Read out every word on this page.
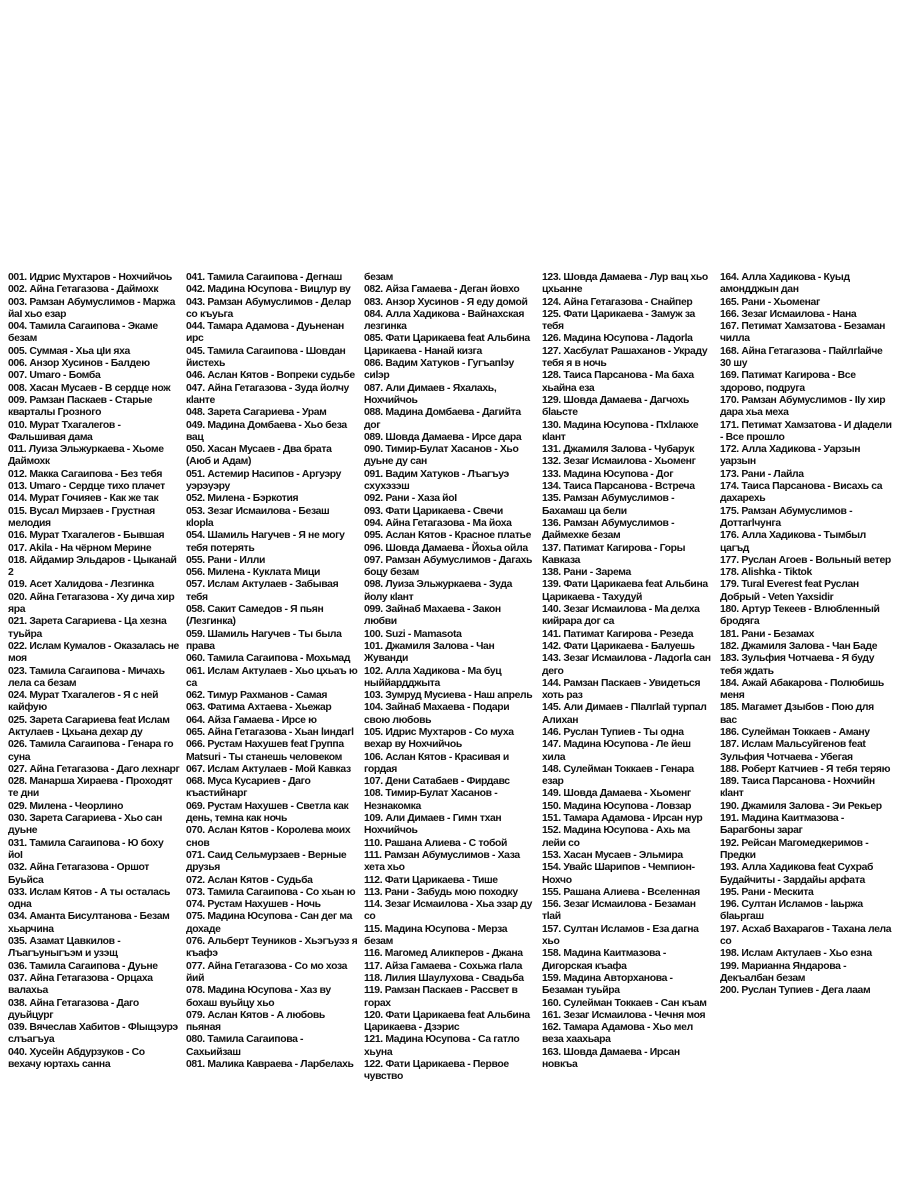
001. Идрис Мухтаров - Нохчийчоь
002. Айна Гетагазова - Даймохк
003. Рамзан Абумуслимов - Маржа йаI хьо езар
004. Тамила Сагаипова - Экаме безам
005. Суммая - Хьа цIи яха
006. Анзор Хусинов - Балдею
007. Umaro - Бомба
008. Хасан Мусаев - В сердце нож
009. Рамзан Паскаев - Старые кварталы Грозного
010. Мурат Тхагалегов - Фальшивая дама
011. Луиза Эльжуркаева - Хьоме Даймохк
012. Макка Сагаипова - Без тебя
013. Umaro - Сердце тихо плачет
014. Мурат Гочияев - Как же так
015. Вусал Мирзаев - Грустная мелодия
016. Мурат Тхагалегов - Бывшая
017. Akila - На чёрном Мерине
018. Айдамир Эльдаров - Цыканай 2
019. Асет Халидова - Лезгинка
020. Айна Гетагазова - Ху дича хир яра
021. Зарета Сагариева - Ца хезна туьйра
022. Ислам Кумалов - Оказалась не моя
023. Тамила Сагаипова - Мичахь лела са безам
024. Мурат Тхагалегов - Я с ней кайфую
025. Зарета Сагариева feat Ислам Актулаев - Цхьана дехар ду
026. Тамила Сагаипова - Генара го суна
027. Айна Гетагазова - Даго лехнарг
028. Манарша Хираева - Проходят те дни
029. Милена - Чеорлино
030. Зарета Сагариева - Хьо сан дуьне
031. Тамила Сагаипова - Ю боху йоI
032. Айна Гетагазова - Оршот Буьйса
033. Ислам Кятов - А ты осталась одна
034. Аманта Бисултанова - Безам хьарчина
035. Азамат Цавкилов - Лъагъуныгъэм и узэщ
036. Тамила Сагаипова - Дуьне
037. Айна Гетагазова - Орцаха валахьа
038. Айна Гетагазова - Даго дуьйцург
039. Вячеслав Хабитов - Фlыщэурэ слъагъуа
040. Хусейн Абдурзуков - Со вехачу юртахь санна
041. Тамила Сагаипова - Дегнаш
042. Мадина Юсупова - Вицлур ву
043. Рамзан Абумуслимов - Делар со къуьга
044. Тамара Адамова - Дуьненан ирс
045. Тамила Сагаипова - Шовдан йистехь
046. Аслан Кятов - Вопреки судьбе
047. Айна Гетагазова - Зуда йолчу кlанте
048. Зарета Сагариева - Урам
049. Мадина Домбаева - Хьо беза вац
050. Хасан Мусаев - Два брата (Аюб и Адам)
051. Астемир Насипов - Аргуэру уэрэуэру
052. Милена - Бэркотия
053. Зезаг Исмаилова - Безаш кlорlа
054. Шамиль Нагучев - Я не могу тебя потерять
055. Рани - Илли
056. Милена - Куклата Мици
057. Ислам Актулаев - Забывая тебя
058. Сакит Самедов - Я пьян (Лезгинка)
059. Шамиль Нагучев - Ты была права
060. Тамила Сагаипова - Мохьмад
061. Ислам Актулаев - Хьо цхьаъ ю са
062. Тимур Рахманов - Самая
063. Фатима Ахтаева - Хьежар
064. Айза Гамаева - Ирсе ю
065. Айна Гетагазова - Хьан lиндагl
066. Рустам Нахушев feat Группа Matsuri - Ты станешь человеком
067. Ислам Актулаев - Мой Кавказ
068. Муса Кусариев - Даго къастийнарг
069. Рустам Нахушев - Светла как день, темна как ночь
070. Аслан Кятов - Королева моих снов
071. Саид Сельмурзаев - Верные друзья
072. Аслан Кятов - Судьба
073. Тамила Сагаипова - Со хьан ю
074. Рустам Нахушев - Ночь
075. Мадина Юсупова - Сан дег ма дохаде
076. Альберт Теуников - Хьэгъуэз я къафэ
077. Айна Гетагазова - Со мо хоза йий
078. Мадина Юсупова - Хаз ву бохаш вуьйцу хьо
079. Аслан Кятов - А любовь пьяная
080. Тамила Сагаипова - Сахьийзаш
081. Малика Кавраева - Ларбелахь
безам
082. Айза Гамаева - Деган йовхо
083. Анзор Хусинов - Я еду домой
084. Алла Хадикова - Вайнахская лезгинка
085. Фати Царикаева feat Альбина Царикаева - Нанай кизга
086. Вадим Хатуков - Гугъапlэу сиlэр
087. Али Димаев - Яхалахь, Нохчийчоь
088. Мадина Домбаева - Дагийта дог
089. Шовда Дамаева - Ирсе дара
090. Тимир-Булат Хасанов - Хьо дуьне ду сан
091. Вадим Хатуков - Лъагъуэ схухэзэш
092. Рани - Хаза йоI
093. Фати Царикаева - Свечи
094. Айна Гетагазова - Ма йоха
095. Аслан Кятов - Красное платье
096. Шовда Дамаева - Йохьа ойла
097. Рамзан Абумуслимов - Дагахь боцу безам
098. Луиза Эльжуркаева - Зуда йолу кlант
099. Зайнаб Махаева - Закон любви
100. Suzi - Mamasota
101. Джамиля Залова - Чан Жуванди
102. Алла Хадикова - Ма буц ныййардджыта
103. Зумруд Мусиева - Наш апрель
104. Зайнаб Махаева - Подари свою любовь
105. Идрис Мухтаров - Со муха вехар ву Нохчийчоь
106. Аслан Кятов - Красивая и гордая
107. Дени Сатабаев - Фирдавс
108. Тимир-Булат Хасанов - Незнакомка
109. Али Димаев - Гимн тхан Нохчийчоь
110. Рашана Алиева - С тобой
111. Рамзан Абумуслимов - Хаза хета хьо
112. Фати Царикаева - Тише
113. Рани - Забудь мою походку
114. Зезаг Исмаилова - Хьа эзар ду со
115. Мадина Юсупова - Мерза безам
116. Магомед Аликперов - Джана
117. Айза Гамаева - Сохьжа гIала
118. Лилия Шаулухова - Свадьба
119. Рамзан Паскаев - Рассвет в горах
120. Фати Царикаева feat Альбина Царикаева - Дзэрис
121. Мадина Юсупова - Са гатло хьуна
122. Фати Царикаева - Первое чувство
123. Шовда Дамаева - Лур вац хьо цхьанне
124. Айна Гетагазова - Снайпер
125. Фати Царикаева - Замуж за тебя
126. Мадина Юсупова - Ладоrlа
127. Хасбулат Рашаханов - Украду тебя я в ночь
128. Таиса Парсанова - Ма баха хьайна еза
129. Шовда Дамаева - Дагчохь бlаьсте
130. Мадина Юсупова - Пхlлакхе кlант
131. Джамиля Залова - Чубарук
132. Зезаг Исмаилова - Хьоменг
133. Мадина Юсупова - Дог
134. Таиса Парсанова - Встреча
135. Рамзан Абумуслимов - Бахамаш ца бели
136. Рамзан Абумуслимов - Даймехке безам
137. Патимат Кагирова - Горы Кавказа
138. Рани - Зарема
139. Фати Царикаева feat Альбина Царикаева - Тахудуй
140. Зезаг Исмаилова - Ма делха кийрара дог са
141. Патимат Кагирова - Резеда
142. Фати Царикаева - Балуешь
143. Зезаг Исмаилова - Ладогlа сан дего
144. Рамзан Паскаев - Увидеться хоть раз
145. Али Димаев - ПIалгIай турпал Алихан
146. Руслан Тупиев - Ты одна
147. Мадина Юсупова - Ле йеш хила
148. Сулейман Токкаев - Генара езар
149. Шовда Дамаева - Хьоменг
150. Мадина Юсупова - Ловзар
151. Тамара Адамова - Ирсан нур
152. Мадина Юсупова - Ахь ма лейи со
153. Хасан Мусаев - Эльмира
154. Увайс Шарипов - Чемпион-Нохчо
155. Рашана Алиева - Вселенная
156. Зезаг Исмаилова - Безаман тlай
157. Султан Исламов - Еза дагна хьо
158. Мадина Каитмазова - Дигорская къафа
159. Мадина Авторханова - Безаман туьйра
160. Сулейман Токкаев - Сан къам
161. Зезаг Исмаилова - Чечня моя
162. Тамара Адамова - Хьо мел веза хаахьара
163. Шовда Дамаева - Ирсан новкъа
164. Алла Хадикова - Куыд амондджын дан
165. Рани - Хьоменаг
166. Зезаг Исмаилова - Нана
167. Петимат Хамзатова - Безаман чилла
168. Айна Гетагазова - Пайлгlайче 30 шу
169. Патимат Кагирова - Все здорово, подруга
170. Рамзан Абумуслимов - IIу хир дара хьа меха
171. Петимат Хамзатова - И дIадели - Все прошло
172. Алла Хадикова - Уарзын уарзын
173. Рани - Лайла
174. Таиса Парсанова - Висахь са дахарехь
175. Рамзан Абумуслимов - Доттагlчунга
176. Алла Хадикова - Тымбыл цагъд
177. Руслан Агоев - Вольный ветер
178. Alishka - Tiktok
179. Tural Everest feat Руслан Добрый - Veten Yaxsidir
180. Артур Текеев - Влюбленный бродяга
181. Рани - Безамах
182. Джамиля Залова - Чан Баде
183. Зульфия Чотчаева - Я буду тебя ждать
184. Ажай Абакарова - Полюбишь меня
185. Магамет Дзыбов - Пою для вас
186. Сулейман Токкаев - Аману
187. Ислам Мальсуйгенов feat Зульфия Чотчаева - Убегая
188. Роберт Катчиев - Я тебя теряю
189. Таиса Парсанова - Нохчийн кlант
190. Джамиля Залова - Эи Рекьер
191. Мадина Каитмазова - Барагбоны зараг
192. Рейсан Магомедкеримов - Предки
193. Алла Хадикова feat Сухраб Будайчиты - Зардайы арфата
195. Рани - Мескита
196. Султан Исламов - lаьржа бlаьргаш
197. Асхаб Вахарагов - Тахана лела со
198. Ислам Актулаев - Хьо езна
199. Марианна Яндарова - Декъалбан безам
200. Руслан Тупиев - Дега лаам
